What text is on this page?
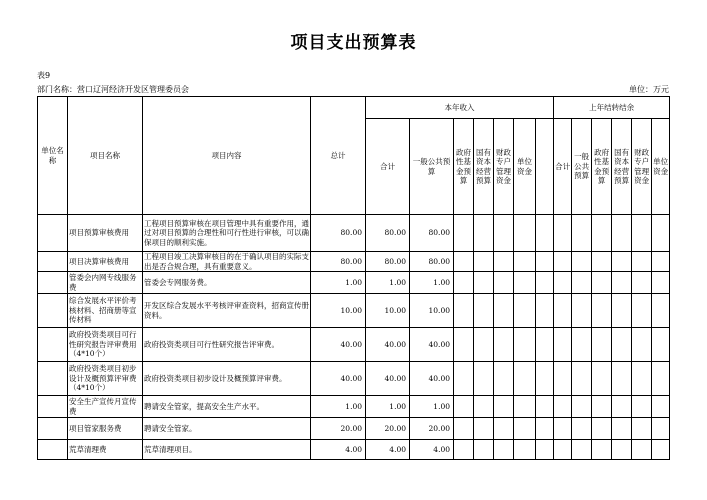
项目支出预算表
表9
部门名称：营口辽河经济开发区管理委员会	单位：万元
单位名称	项目名称	项目内容	总计	本年收入							上年结转结余					
				合计	一般公共预算	政府性基金预算	国有资本经营预算	财政专户管理资金	单位资金		合计	一般公共预算	政府性基金预算	国有资本经营预算	财政专户管理资金	单位资金
	项目预算审核费用	工程项目预算审核在项目管理中具有重要作用，通过对项目预算的合理性和可行性进行审核，可以确保项目的顺利实施。	80.00	80.00	80.00											
	项目决算审核费用	工程项目竣工决算审核目的在于确认项目的实际支出是否合规合理，具有重要意义。	80.00	80.00	80.00											
	管委会内网专线服务费	管委会专网服务费。	1.00	1.00	1.00											
	综合发展水平评价考核材料、招商册等宣传材料	开发区综合发展水平考核评审查资料，招商宣传册资料。	10.00	10.00	10.00											
	政府投资类项目可行性研究报告评审费用（4*10个）	政府投资类项目可行性研究报告评审费。	40.00	40.00	40.00											
	政府投资类项目初步设计及概预算评审费（4*10个）	政府投资类项目初步设计及概预算评审费。	40.00	40.00	40.00											
	安全生产宣传月宣传费	聘请安全管家，提高安全生产水平。	1.00	1.00	1.00											
	项目管家服务费	聘请安全管家。	20.00	20.00	20.00											
	荒草清理费	荒草清理项目。	4.00	4.00	4.00											
